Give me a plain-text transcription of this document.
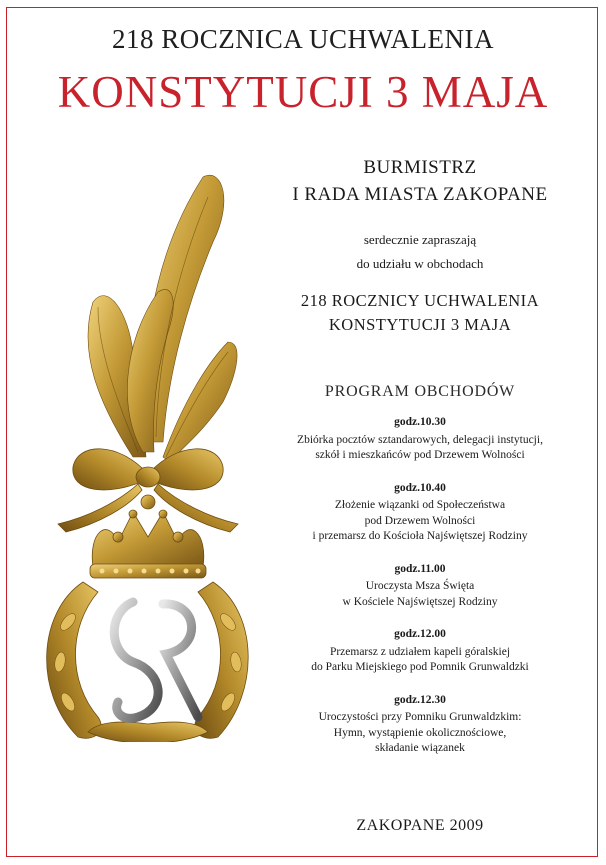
218 ROCZNICA UCHWALENIA
KONSTYTUCJI 3 MAJA
BURMISTRZ
I RADA MIASTA ZAKOPANE
serdecznie zapraszają
do udziału w obchodach
218 ROCZNICY UCHWALENIA
KONSTYTUCJI 3 MAJA
PROGRAM OBCHODÓW
godz.10.30
Zbiórka pocztów sztandarowych, delegacji instytucji,
szkół i mieszkańców pod Drzewem Wolności
godz.10.40
Złożenie wiązanki od Społeczeństwa
pod Drzewem Wolności
i przemarsz do Kościoła Najświętszej Rodziny
godz.11.00
Uroczysta Msza Święta
w Kościele Najświętszej Rodziny
godz.12.00
Przemarsz z udziałem kapeli góralskiej
do Parku Miejskiego pod Pomnik Grunwaldzki
godz.12.30
Uroczystości przy Pomniku Grunwaldzkim:
Hymn, wystąpienie okolicznościowe,
składanie wiązanek
ZAKOPANE 2009
